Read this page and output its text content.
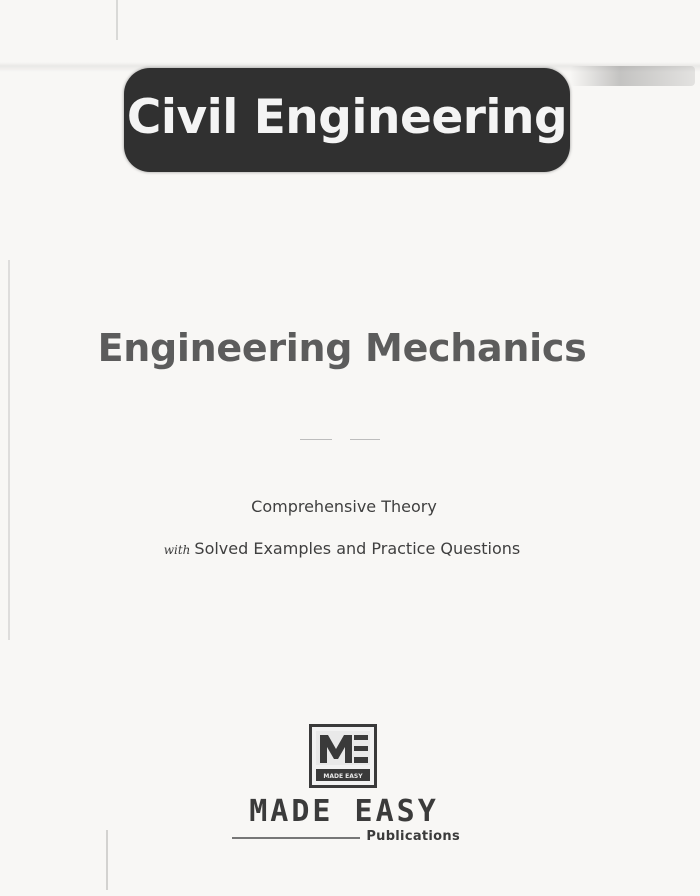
Civil Engineering
Engineering Mechanics
Comprehensive Theory
with Solved Examples and Practice Questions
MADE EASY
MADE EASY
Publications
